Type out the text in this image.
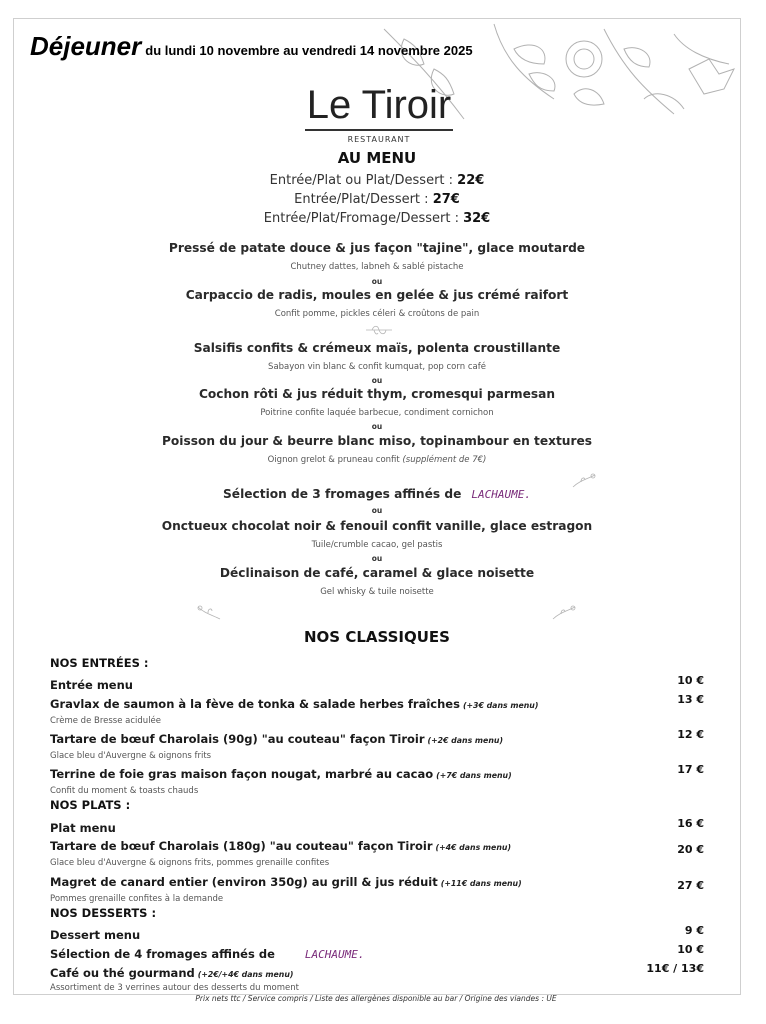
Déjeuner du lundi 10 novembre au vendredi 14 novembre 2025
Le Tiroir
RESTAURANT
AU MENU
Entrée/Plat ou Plat/Dessert : 22€
Entrée/Plat/Dessert : 27€
Entrée/Plat/Fromage/Dessert : 32€
Pressé de patate douce & jus façon "tajine", glace moutarde
Chutney dattes, labneh & sablé pistache
ou
Carpaccio de radis, moules en gelée & jus crémé raifort
Confit pomme, pickles céleri & croûtons de pain
Salsifis confits & crémeux maïs, polenta croustillante
Sabayon vin blanc & confit kumquat, pop corn café
ou
Cochon rôti & jus réduit thym, cromesqui parmesan
Poitrine confite laquée barbecue, condiment cornichon
ou
Poisson du jour & beurre blanc miso, topinambour en textures
Oignon grelot & pruneau confit (supplément de 7€)
Sélection de 3 fromages affinés de LACHAUME.
ou
Onctueux chocolat noir & fenouil confit vanille, glace estragon
Tuile/crumble cacao, gel pastis
ou
Déclinaison de café, caramel & glace noisette
Gel whisky & tuile noisette
NOS CLASSIQUES
NOS ENTRÉES :
Entrée menu	10 €
Gravlax de saumon à la fève de tonka & salade herbes fraîches (+3€ dans menu)	13 €
Crème de Bresse acidulée
Tartare de bœuf Charolais (90g) "au couteau" façon Tiroir (+2€ dans menu)	12 €
Glace bleu d'Auvergne & oignons frits
Terrine de foie gras maison façon nougat, marbré au cacao (+7€ dans menu)	17 €
Confit du moment & toasts chauds
NOS PLATS :
Plat menu	16 €
Tartare de bœuf Charolais (180g) "au couteau" façon Tiroir (+4€ dans menu)	20 €
Glace bleu d'Auvergne & oignons frits, pommes grenaille confites
Magret de canard entier (environ 350g) au grill & jus réduit (+11€ dans menu)	27 €
Pommes grenaille confites à la demande
NOS DESSERTS :
Dessert menu	9 €
Sélection de 4 fromages affinés de	LACHAUME.	10 €
Café ou thé gourmand (+2€/+4€ dans menu)	11€ / 13€
Assortiment de 3 verrines autour des desserts du moment
Prix nets ttc / Service compris / Liste des allergènes disponible au bar / Origine des viandes : UE
